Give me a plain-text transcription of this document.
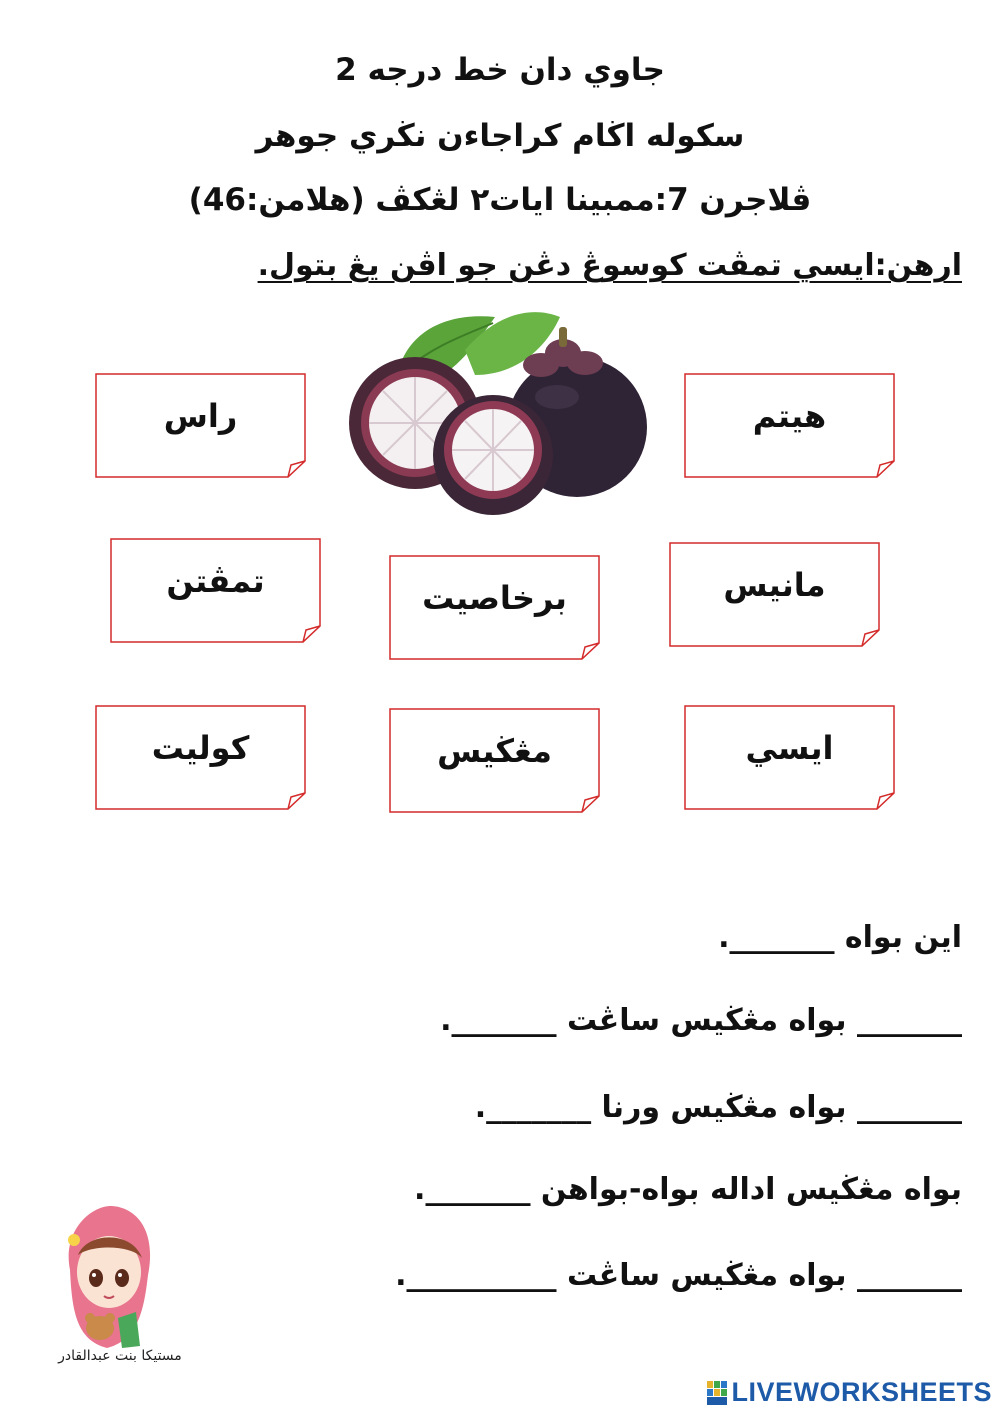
جاوي دان خط درجه 2
سکوله اڬام کراجاءن نڬري جوهر
ڤلاجرن 7:ممبينا ايات٢ لڠکڤ (هلامن:46)
ارهن:ايسي تمڤت کوسوڠ دڠن جو اڤن يڠ بتول.
هيتم
راس
مانيس
برخاصيت
تمڤتن
ايسي
مڠڬيس
کوليت
اين بواه _______.
_______ بواه مڠڬيس ساڠت _______.
_______ بواه مڠڬيس ورنا _______.
بواه مڠڬيس اداله بواه-بواهن _______.
_______ بواه مڠڬيس ساڠت __________.
مستيکا بنت عبدالقادر
LIVEWORKSHEETS
